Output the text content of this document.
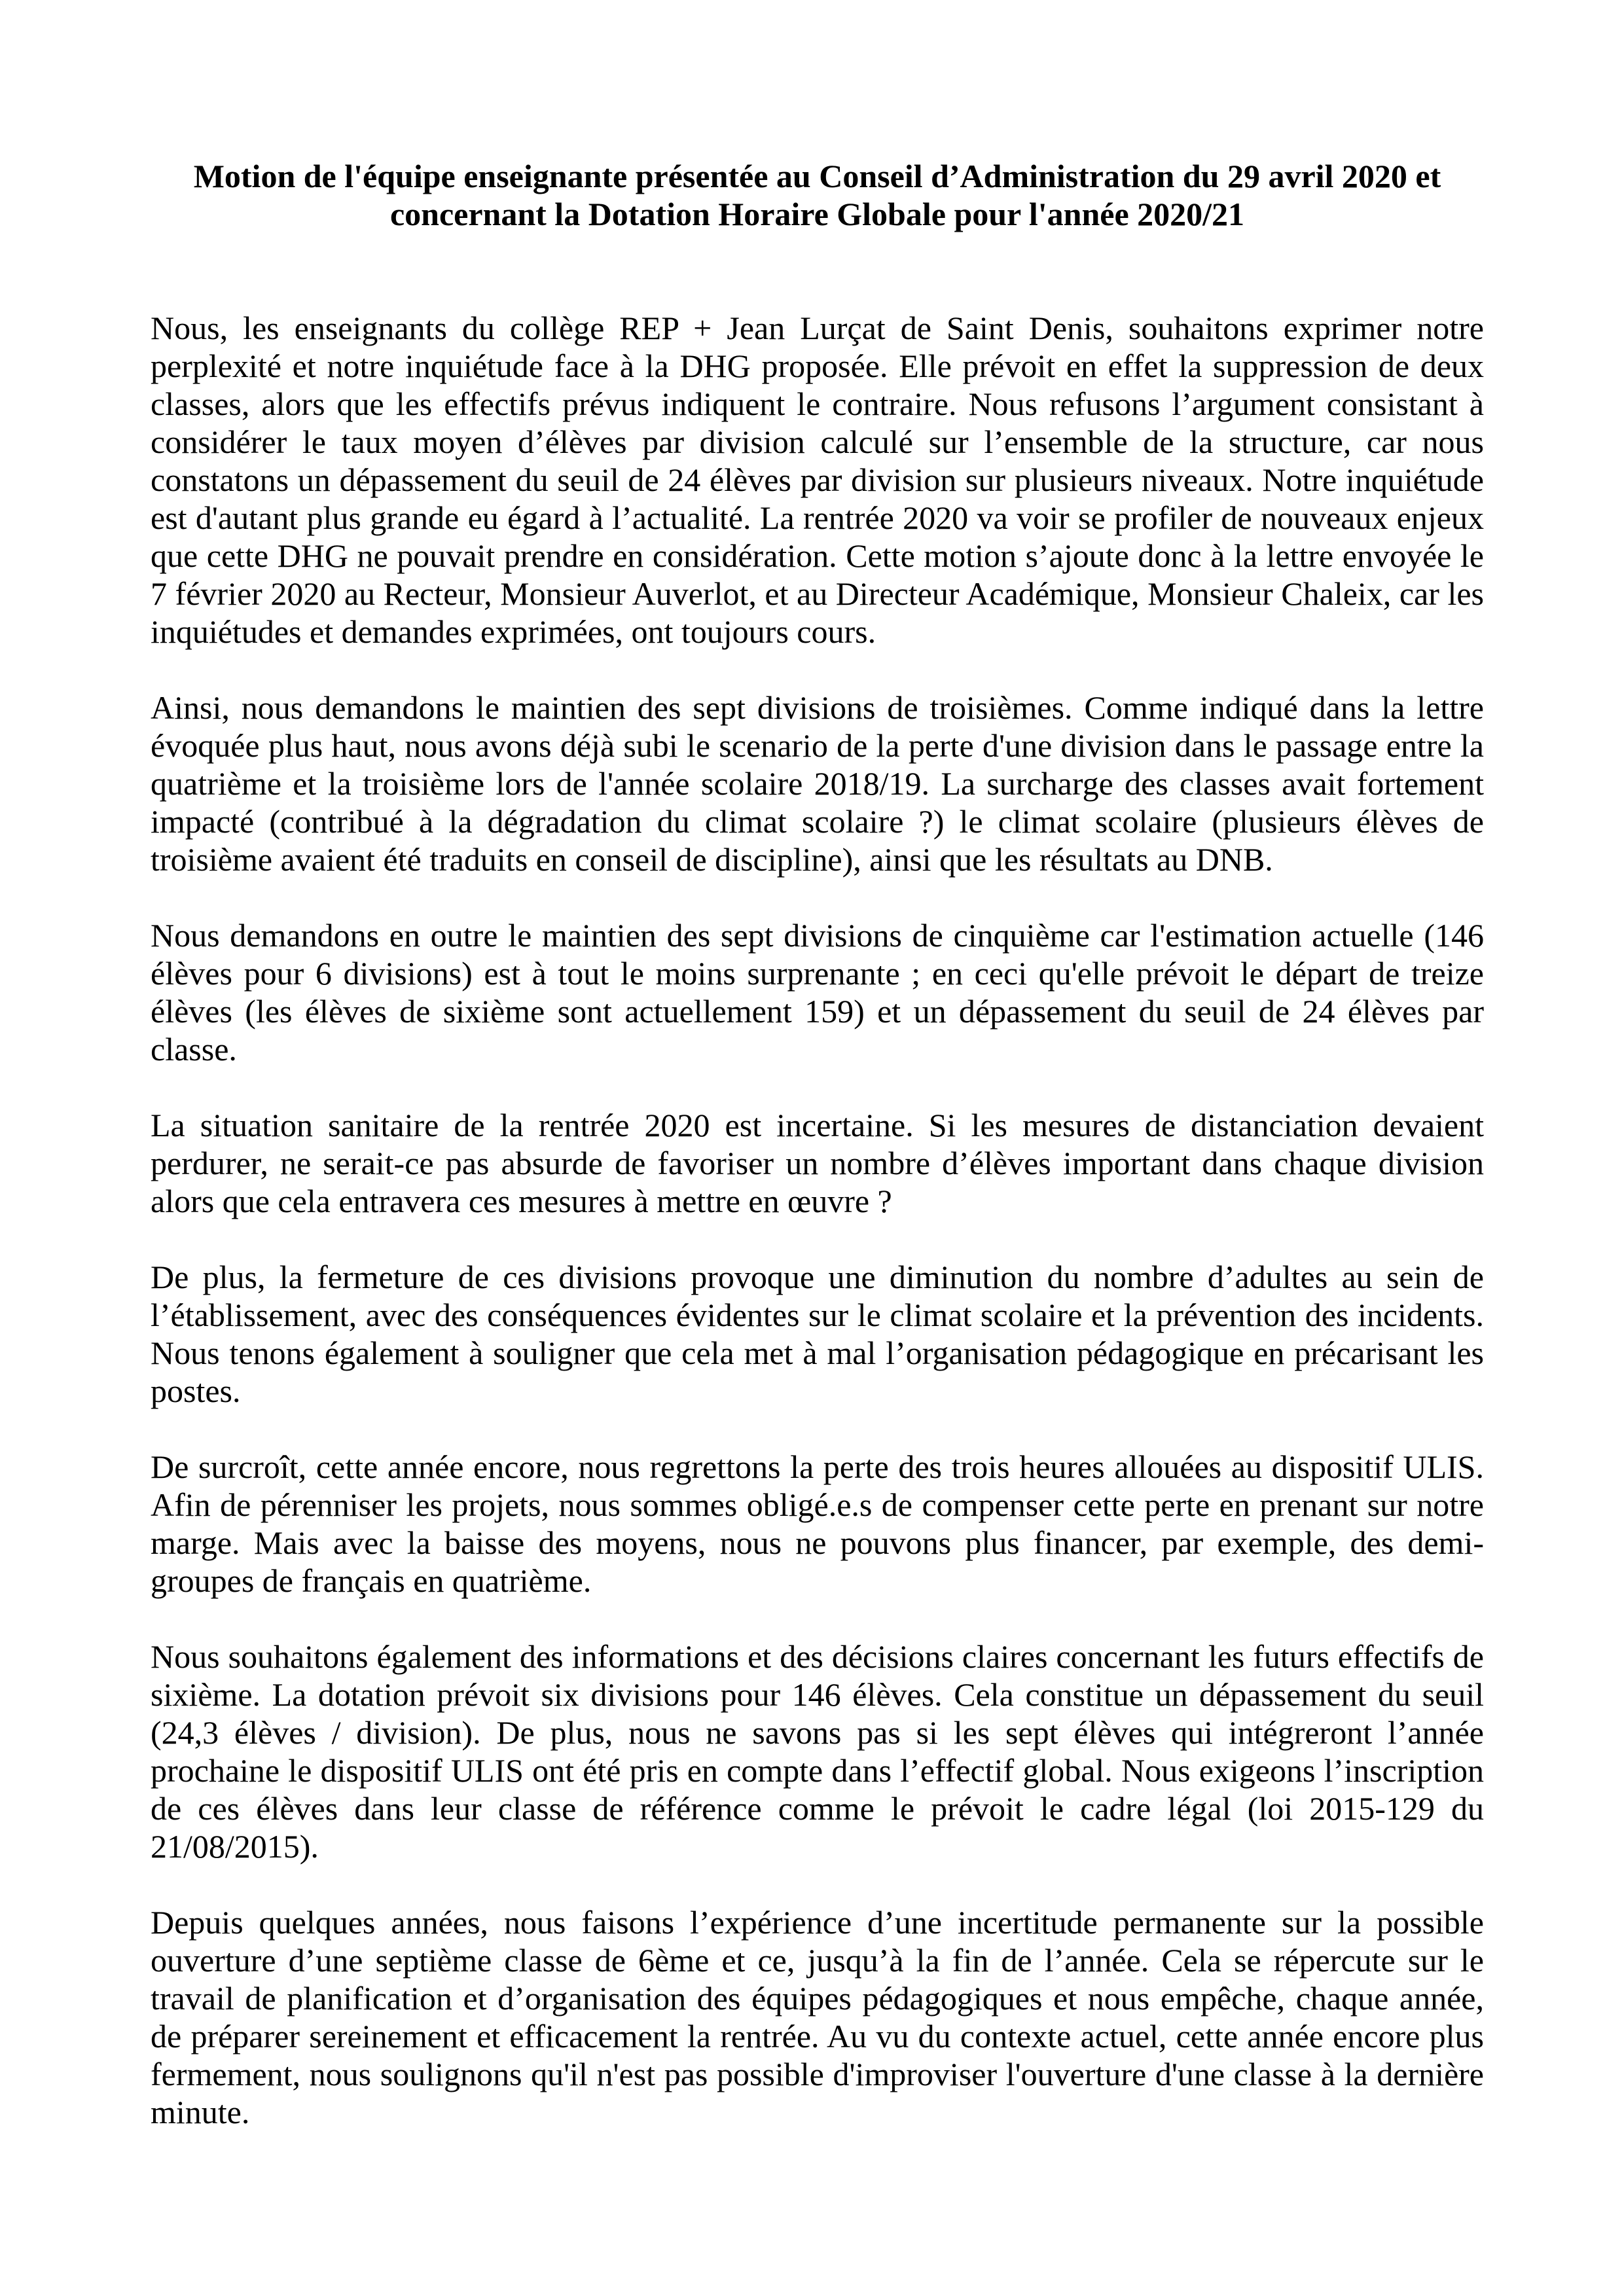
Motion de l'équipe enseignante présentée au Conseil d’Administration du 29 avril 2020 et concernant la Dotation Horaire Globale pour l'année 2020/21

Nous, les enseignants du collège REP + Jean Lurçat de Saint Denis, souhaitons exprimer notre perplexité et notre inquiétude face à la DHG proposée. Elle prévoit en effet la suppression de deux classes, alors que les effectifs prévus indiquent le contraire. Nous refusons l’argument consistant à considérer le taux moyen d’élèves par division calculé sur l’ensemble de la structure, car nous constatons un dépassement du seuil de 24 élèves par division sur plusieurs niveaux. Notre inquiétude est d'autant plus grande eu égard à l’actualité. La rentrée 2020 va voir se profiler de nouveaux enjeux que cette DHG ne pouvait prendre en considération. Cette motion s’ajoute donc à la lettre envoyée le 7 février 2020 au Recteur, Monsieur Auverlot, et au Directeur Académique, Monsieur Chaleix, car les inquiétudes et demandes exprimées, ont toujours cours.

Ainsi, nous demandons le maintien des sept divisions de troisièmes. Comme indiqué dans la lettre évoquée plus haut, nous avons déjà subi le scenario de la perte d'une division dans le passage entre la quatrième et la troisième lors de l'année scolaire 2018/19. La surcharge des classes avait fortement impacté (contribué à la dégradation du climat scolaire ?) le climat scolaire (plusieurs élèves de troisième avaient été traduits en conseil de discipline), ainsi que les résultats au DNB.

Nous demandons en outre le maintien des sept divisions de cinquième car l'estimation actuelle (146 élèves pour 6 divisions) est à tout le moins surprenante ; en ceci qu'elle prévoit le départ de treize élèves (les élèves de sixième sont actuellement 159) et un dépassement du seuil de 24 élèves par classe.

La situation sanitaire de la rentrée 2020 est incertaine. Si les mesures de distanciation devaient perdurer, ne serait-ce pas absurde de favoriser un nombre d’élèves important dans chaque division alors que cela entravera ces mesures à mettre en œuvre ?

De plus, la fermeture de ces divisions provoque une diminution du nombre d’adultes au sein de l’établissement, avec des conséquences évidentes sur le climat scolaire et la prévention des incidents. Nous tenons également à souligner que cela met à mal l’organisation pédagogique en précarisant les postes.

De surcroît, cette année encore, nous regrettons la perte des trois heures allouées au dispositif ULIS. Afin de pérenniser les projets, nous sommes obligé.e.s de compenser cette perte en prenant sur notre marge. Mais avec la baisse des moyens, nous ne pouvons plus financer, par exemple, des demi-groupes de français en quatrième.

Nous souhaitons également des informations et des décisions claires concernant les futurs effectifs de sixième. La dotation prévoit six divisions pour 146 élèves. Cela constitue un dépassement du seuil (24,3 élèves / division). De plus, nous ne savons pas si les sept élèves qui intégreront l’année prochaine le dispositif ULIS ont été pris en compte dans l’effectif global. Nous exigeons l’inscription de ces élèves dans leur classe de référence comme le prévoit le cadre légal (loi 2015-129 du 21/08/2015).

Depuis quelques années, nous faisons l’expérience d’une incertitude permanente sur la possible ouverture d’une septième classe de 6ème et ce, jusqu’à la fin de l’année. Cela se répercute sur le travail de planification et d’organisation des équipes pédagogiques et nous empêche, chaque année, de préparer sereinement et efficacement la rentrée. Au vu du contexte actuel, cette année encore plus fermement, nous soulignons qu'il n'est pas possible d'improviser l'ouverture d'une classe à la dernière minute.
